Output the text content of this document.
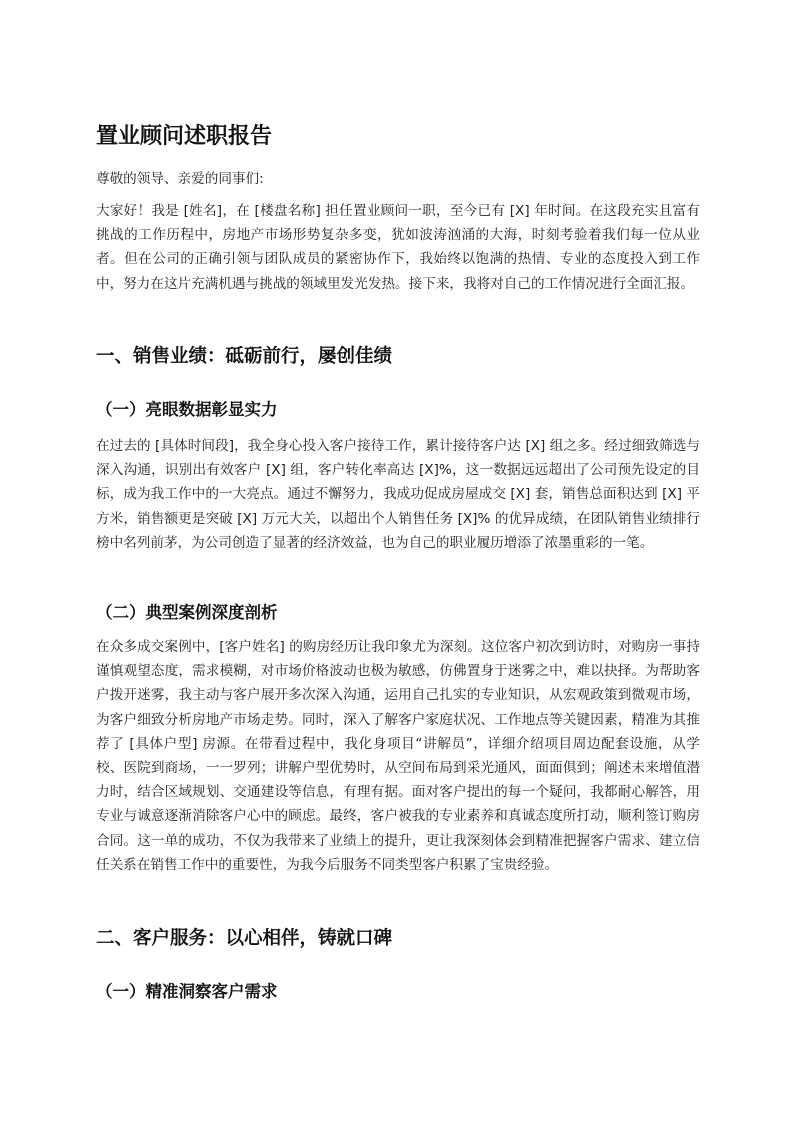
置业顾问述职报告

尊敬的领导、亲爱的同事们:

大家好！我是 [姓名]，在 [楼盘名称] 担任置业顾问一职，至今已有 [X] 年时间。在这段充实且富有挑战的工作历程中，房地产市场形势复杂多变，犹如波涛汹涌的大海，时刻考验着我们每一位从业者。但在公司的正确引领与团队成员的紧密协作下，我始终以饱满的热情、专业的态度投入到工作中，努力在这片充满机遇与挑战的领域里发光发热。接下来，我将对自己的工作情况进行全面汇报。

一、销售业绩：砥砺前行，屡创佳绩
（一）亮眼数据彰显实力

在过去的 [具体时间段]，我全身心投入客户接待工作，累计接待客户达 [X] 组之多。经过细致筛选与深入沟通，识别出有效客户 [X] 组，客户转化率高达 [X]%，这一数据远远超出了公司预先设定的目标，成为我工作中的一大亮点。通过不懈努力，我成功促成房屋成交 [X] 套，销售总面积达到 [X] 平方米，销售额更是突破 [X] 万元大关，以超出个人销售任务 [X]% 的优异成绩，在团队销售业绩排行榜中名列前茅，为公司创造了显著的经济效益，也为自己的职业履历增添了浓墨重彩的一笔。

（二）典型案例深度剖析

在众多成交案例中，[客户姓名] 的购房经历让我印象尤为深刻。这位客户初次到访时，对购房一事持谨慎观望态度，需求模糊，对市场价格波动也极为敏感，仿佛置身于迷雾之中，难以抉择。为帮助客户拨开迷雾，我主动与客户展开多次深入沟通，运用自己扎实的专业知识，从宏观政策到微观市场，为客户细致分析房地产市场走势。同时，深入了解客户家庭状况、工作地点等关键因素，精准为其推荐了 [具体户型] 房源。在带看过程中，我化身项目“讲解员”，详细介绍项目周边配套设施，从学校、医院到商场，一一罗列；讲解户型优势时，从空间布局到采光通风，面面俱到；阐述未来增值潜力时，结合区域规划、交通建设等信息，有理有据。面对客户提出的每一个疑问，我都耐心解答，用专业与诚意逐渐消除客户心中的顾虑。最终，客户被我的专业素养和真诚态度所打动，顺利签订购房合同。这一单的成功，不仅为我带来了业绩上的提升，更让我深刻体会到精准把握客户需求、建立信任关系在销售工作中的重要性，为我今后服务不同类型客户积累了宝贵经验。

二、客户服务：以心相伴，铸就口碑
（一）精准洞察客户需求
